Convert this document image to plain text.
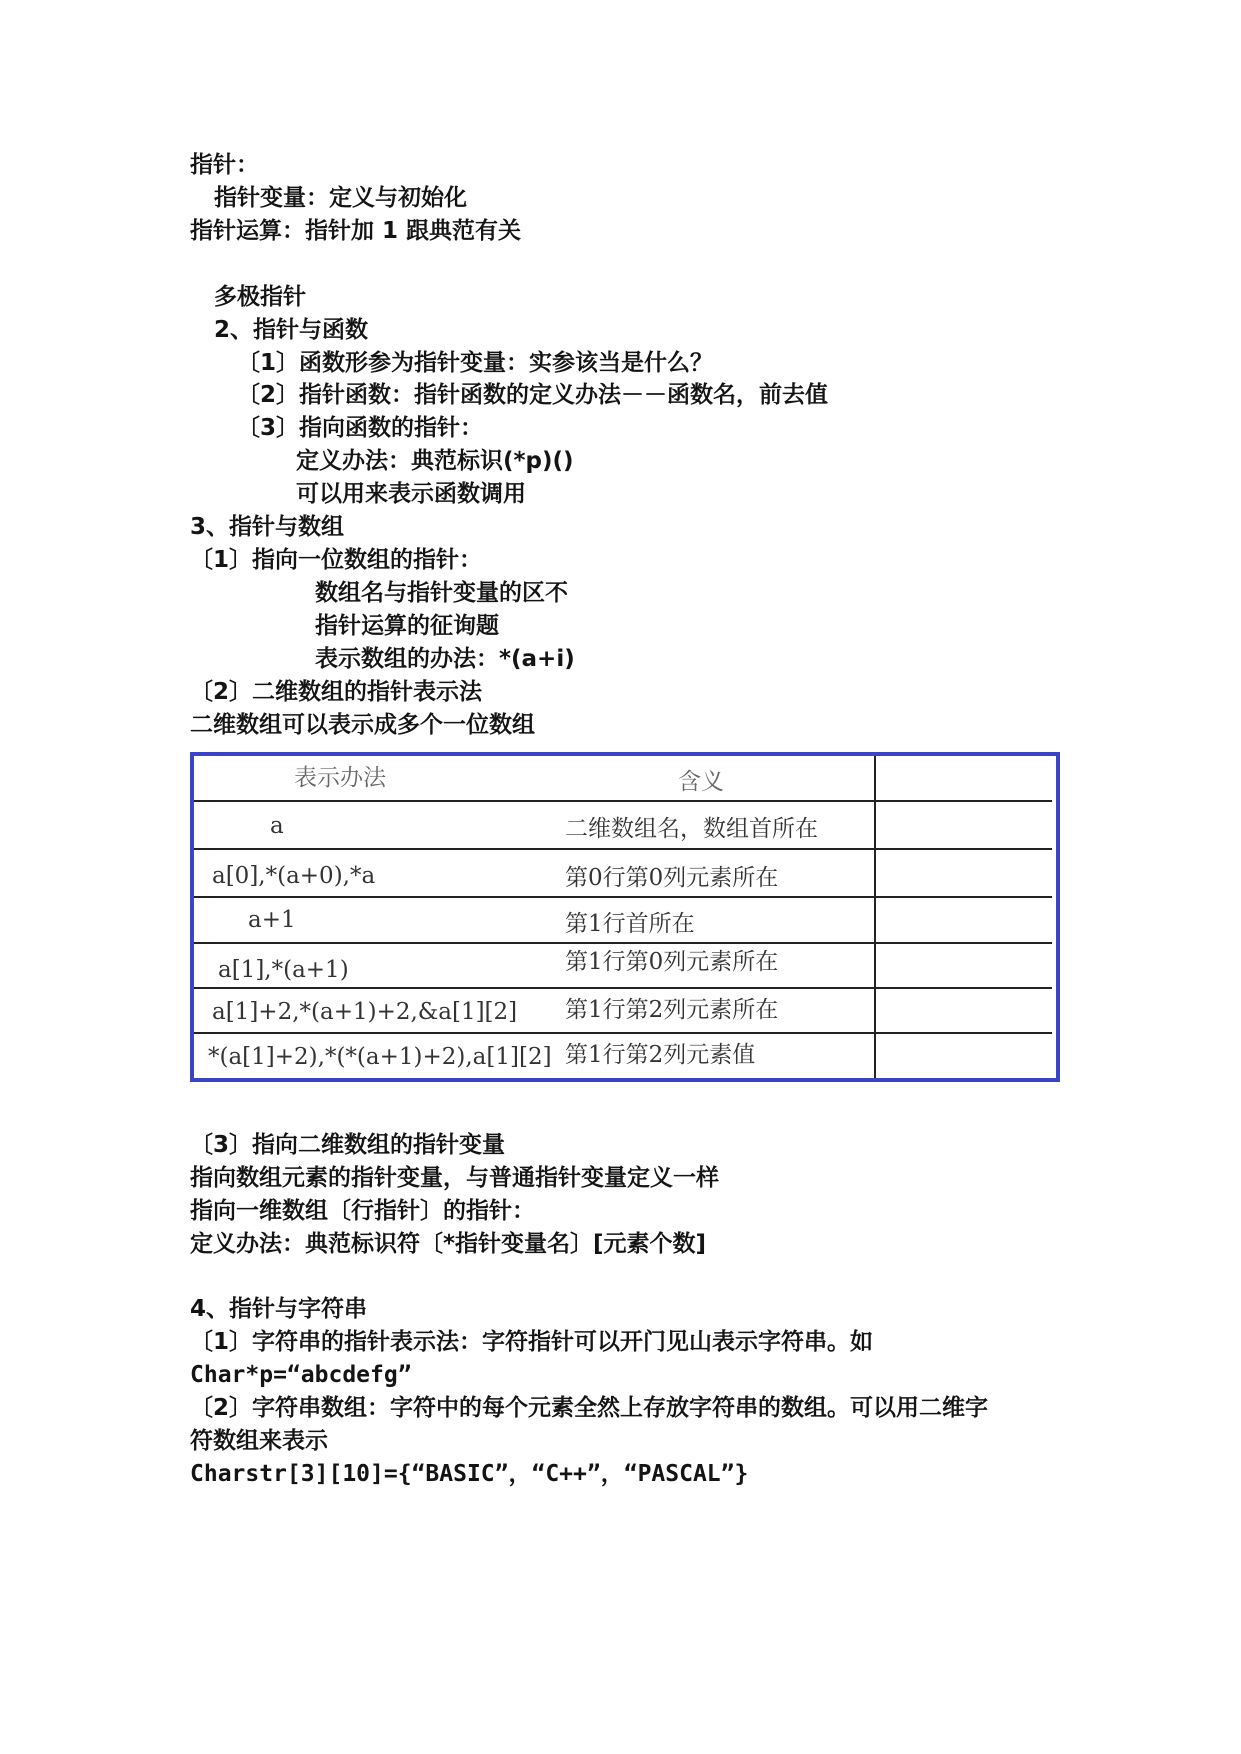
指针：
指针变量：定义与初始化
指针运算：指针加 1 跟典范有关
多极指针
2、指针与函数
〔1〕函数形参为指针变量：实参该当是什么？
〔2〕指针函数：指针函数的定义办法－－函数名，前去值
〔3〕指向函数的指针：
定义办法：典范标识(*p)()
可以用来表示函数调用
3、指针与数组
〔1〕指向一位数组的指针：
数组名与指针变量的区不
指针运算的征询题
表示数组的办法：*(a+i)
〔2〕二维数组的指针表示法
二维数组可以表示成多个一位数组
表示办法	含义
a	二维数组名，数组首所在
a[0],*(a+0),*a	第0行第0列元素所在
a+1	第1行首所在
a[1],*(a+1)	第1行第0列元素所在
a[1]+2,*(a+1)+2,&a[1][2] 第1行第2列元素所在
*(a[1]+2),*(*(a+1)+2),a[1][2] 第1行第2列元素值
〔3〕指向二维数组的指针变量
指向数组元素的指针变量，与普通指针变量定义一样
指向一维数组〔行指针〕的指针：
定义办法：典范标识符〔*指针变量名〕[元素个数]
4、指针与字符串
〔1〕字符串的指针表示法：字符指针可以开门见山表示字符串。如
Char*p=“abcdefg”
〔2〕字符串数组：字符中的每个元素全然上存放字符串的数组。可以用二维字
符数组来表示
Charstr[3][10]={“BASIC”，“C++”，“PASCAL”}
